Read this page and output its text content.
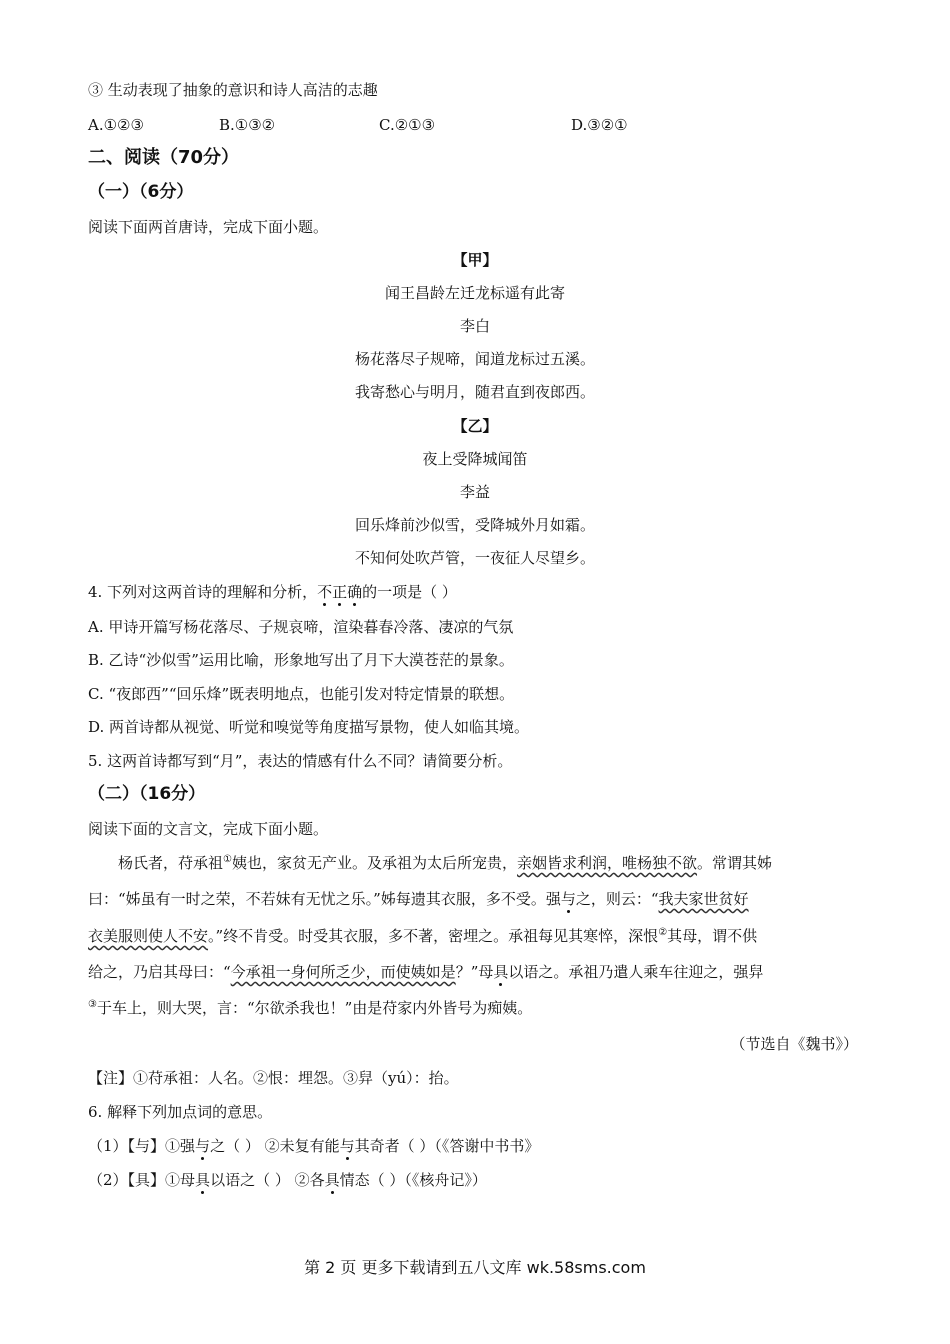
③ 生动表现了抽象的意识和诗人高洁的志趣
A.①②③	B.①③②	C.②①③	D.③②①
二、阅读（70分）
（一）（6分）
阅读下面两首唐诗，完成下面小题。
【甲】
闻王昌龄左迁龙标遥有此寄
李白
杨花落尽子规啼，闻道龙标过五溪。
我寄愁心与明月，随君直到夜郎西。
【乙】
夜上受降城闻笛
李益
回乐烽前沙似雪，受降城外月如霜。
不知何处吹芦管，一夜征人尽望乡。
4. 下列对这两首诗的理解和分析，不正确的一项是（ ）
A. 甲诗开篇写杨花落尽、子规哀啼，渲染暮春冷落、凄凉的气氛
B. 乙诗“沙似雪”运用比喻，形象地写出了月下大漠苍茫的景象。
C. “夜郎西”“回乐烽”既表明地点，也能引发对特定情景的联想。
D. 两首诗都从视觉、听觉和嗅觉等角度描写景物，使人如临其境。
5. 这两首诗都写到“月”，表达的情感有什么不同？请简要分析。
（二）（16分）
阅读下面的文言文，完成下面小题。
杨氏者，苻承祖①姨也，家贫无产业。及承祖为太后所宠贵，亲姻皆求利润，唯杨独不欲。常谓其姊
曰：“姊虽有一时之荣，不若妹有无忧之乐。”姊每遗其衣服，多不受。强与之，则云：“我夫家世贫好
衣美服则使人不安。”终不肯受。时受其衣服，多不著，密埋之。承祖每见其寒悴，深恨②其母，谓不供
给之，乃启其母曰：“今承祖一身何所乏少，而使姨如是？”母具以语之。承祖乃遣人乘车往迎之，强舁
③于车上，则大哭，言：“尔欲杀我也！”由是苻家内外皆号为痴姨。
（节选自《魏书》）
【注】①苻承祖：人名。②恨：埋怨。③舁（yú）：抬。
6. 解释下列加点词的意思。
（1）【与】①强与之（ ） ②未复有能与其奇者（ ）（《答谢中书书》
（2）【具】①母具以语之（ ） ②各具情态（ ）（《核舟记》）
第 2 页 更多下载请到五八文库 wk.58sms.com
